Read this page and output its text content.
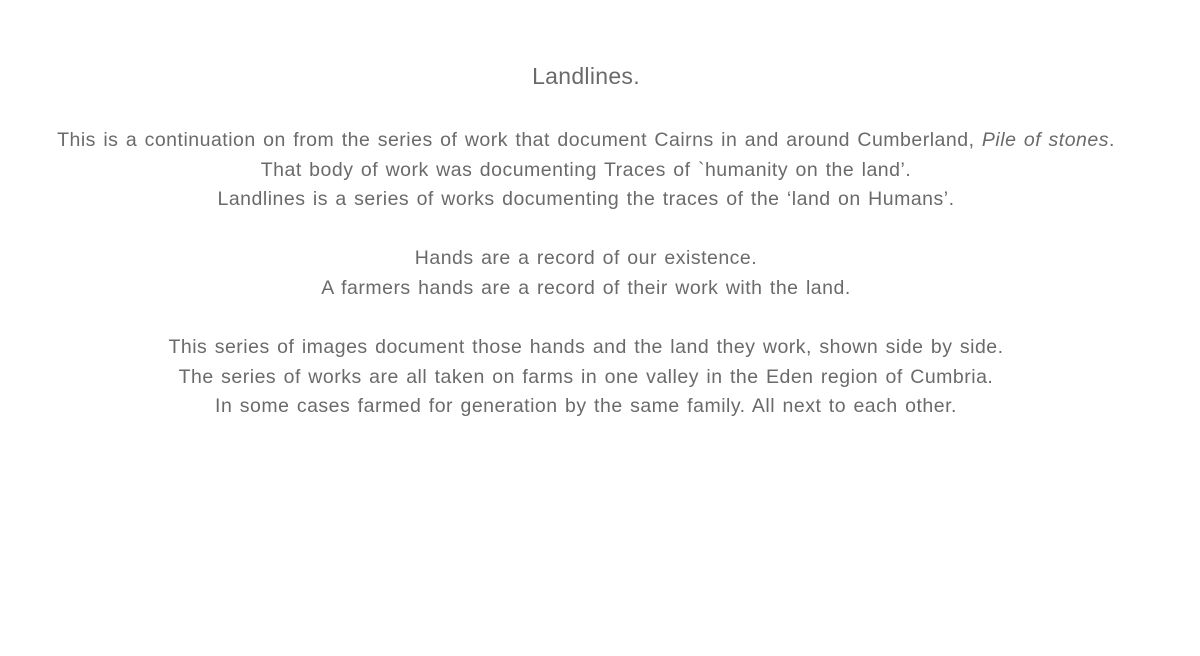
Landlines.

This is a continuation on from the series of work that document Cairns in and around Cumberland, Pile of stones.

That body of work was documenting Traces of `humanity on the land’.

Landlines is a series of works documenting the traces of the ‘land on Humans’.

Hands are a record of our existence.

A farmers hands are a record of their work with the land.

This series of images document those hands and the land they work, shown side by side.

The series of works are all taken on farms in one valley in the Eden region of Cumbria.

In some cases farmed for generation by the same family. All next to each other.
